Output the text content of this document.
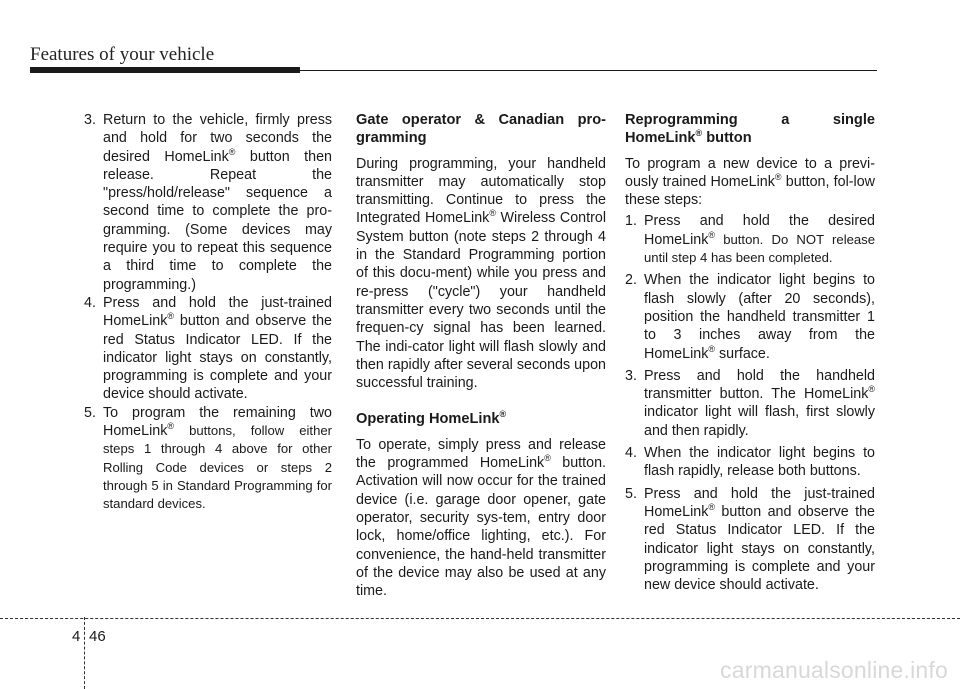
Features of your vehicle
3. Return to the vehicle, firmly press and hold for two seconds the desired HomeLink® button then release. Repeat the "press/hold/release" sequence a second time to complete the pro-gramming. (Some devices may require you to repeat this sequence a third time to complete the programming.)
4. Press and hold the just-trained HomeLink® button and observe the red Status Indicator LED. If the indicator light stays on constantly, programming is complete and your device should activate.
5. To program the remaining two HomeLink® buttons, follow either steps 1 through 4 above for other Rolling Code devices or steps 2 through 5 in Standard Programming for standard devices.
Gate operator & Canadian pro-gramming
During programming, your handheld transmitter may automatically stop transmitting. Continue to press the Integrated HomeLink® Wireless Control System button (note steps 2 through 4 in the Standard Programming portion of this docu-ment) while you press and re-press ("cycle") your handheld transmitter every two seconds until the frequen-cy signal has been learned. The indi-cator light will flash slowly and then rapidly after several seconds upon successful training.
Operating HomeLink®
To operate, simply press and release the programmed HomeLink® button. Activation will now occur for the trained device (i.e. garage door opener, gate operator, security sys-tem, entry door lock, home/office lighting, etc.). For convenience, the hand-held transmitter of the device may also be used at any time.
Reprogramming a single HomeLink® button
To program a new device to a previ-ously trained HomeLink® button, fol-low these steps:
1. Press and hold the desired HomeLink® button. Do NOT release until step 4 has been completed.
2. When the indicator light begins to flash slowly (after 20 seconds), position the handheld transmitter 1 to 3 inches away from the HomeLink® surface.
3. Press and hold the handheld transmitter button. The HomeLink® indicator light will flash, first slowly and then rapidly.
4. When the indicator light begins to flash rapidly, release both buttons.
5. Press and hold the just-trained HomeLink® button and observe the red Status Indicator LED. If the indicator light stays on constantly, programming is complete and your new device should activate.
4 46
carmanualsonline.info
